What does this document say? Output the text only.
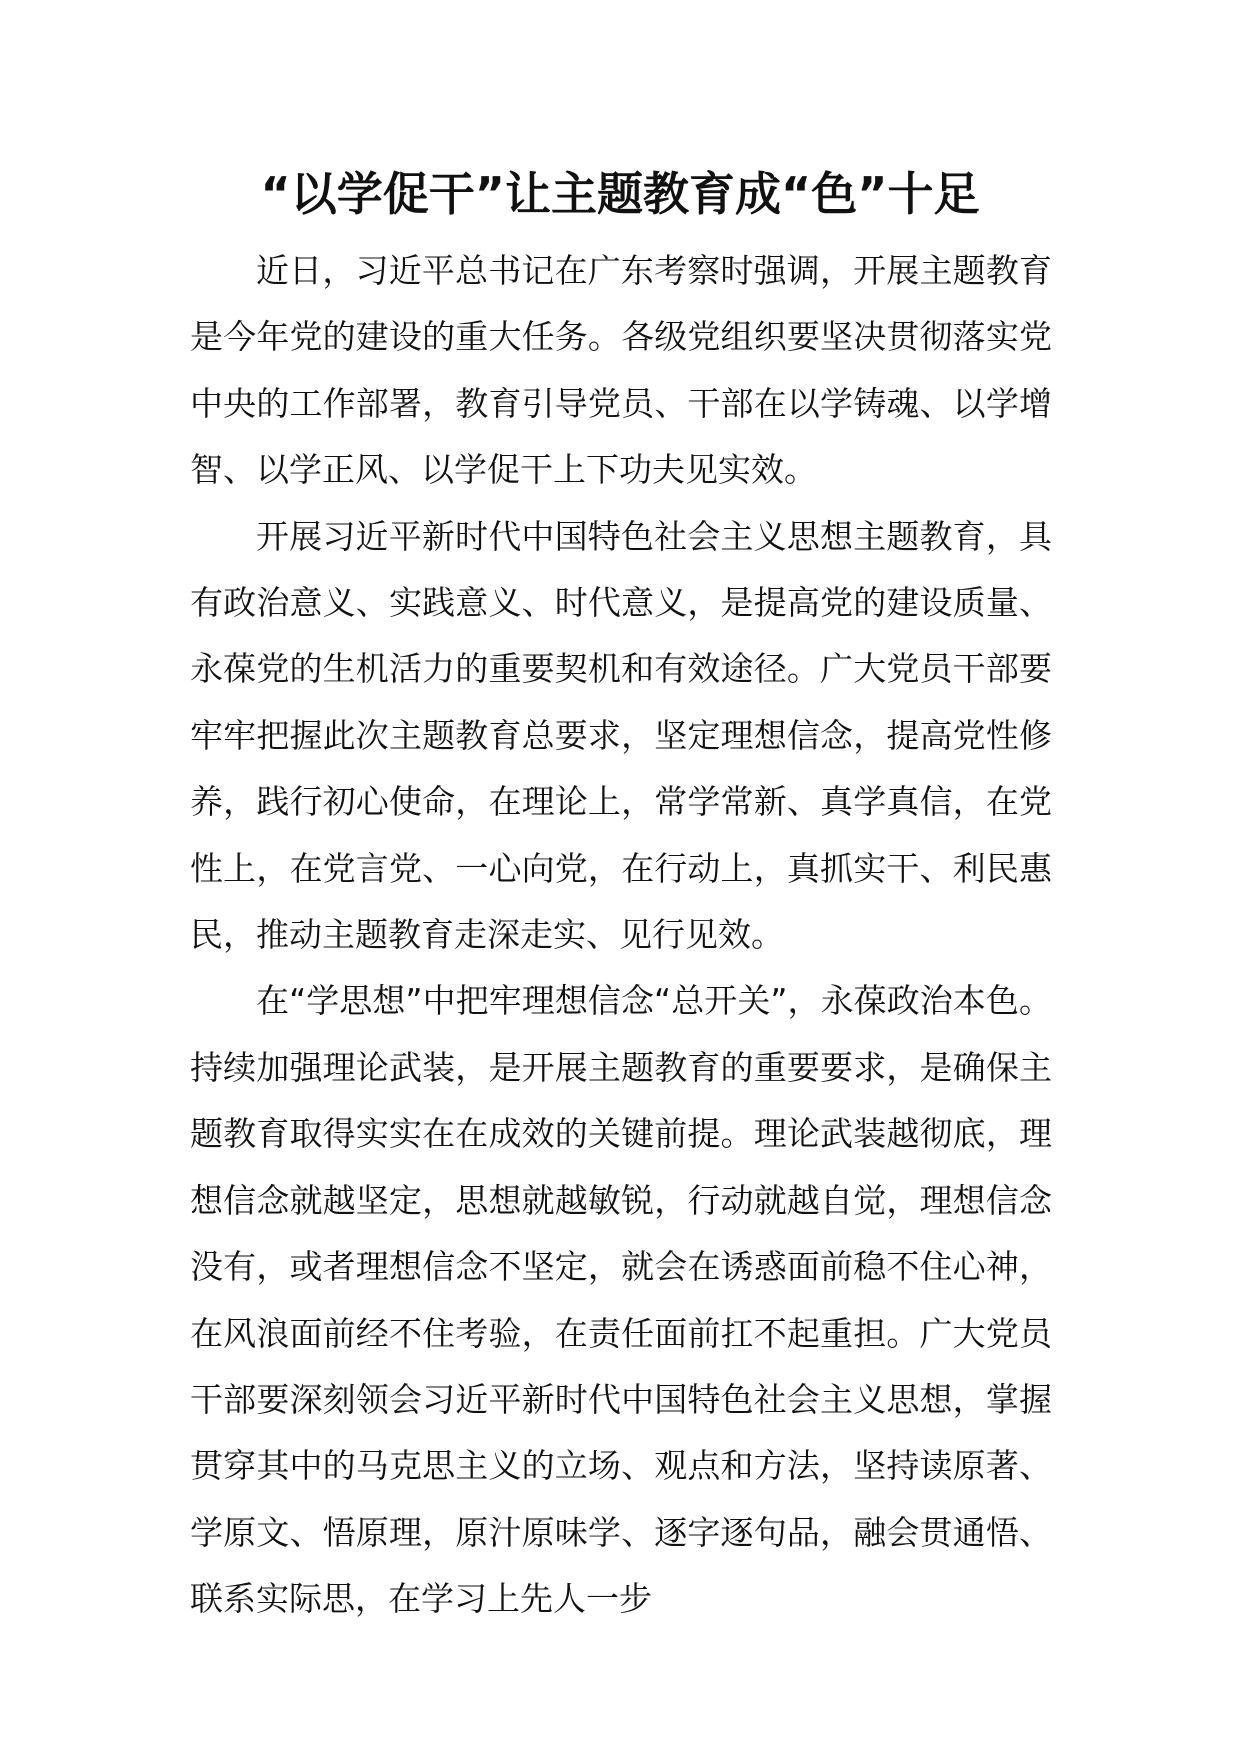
“以学促干”让主题教育成“色”十足

近日，习近平总书记在广东考察时强调，开展主题教育是今年党的建设的重大任务。各级党组织要坚决贯彻落实党中央的工作部署，教育引导党员、干部在以学铸魂、以学增智、以学正风、以学促干上下功夫见实效。

开展习近平新时代中国特色社会主义思想主题教育，具有政治意义、实践意义、时代意义，是提高党的建设质量、永葆党的生机活力的重要契机和有效途径。广大党员干部要牢牢把握此次主题教育总要求，坚定理想信念，提高党性修养，践行初心使命，在理论上，常学常新、真学真信，在党性上，在党言党、一心向党，在行动上，真抓实干、利民惠民，推动主题教育走深走实、见行见效。

在“学思想”中把牢理想信念“总开关”，永葆政治本色。持续加强理论武装，是开展主题教育的重要要求，是确保主题教育取得实实在在成效的关键前提。理论武装越彻底，理想信念就越坚定，思想就越敏锐，行动就越自觉，理想信念没有，或者理想信念不坚定，就会在诱惑面前稳不住心神，在风浪面前经不住考验，在责任面前扛不起重担。广大党员干部要深刻领会习近平新时代中国特色社会主义思想，掌握贯穿其中的马克思主义的立场、观点和方法，坚持读原著、学原文、悟原理，原汁原味学、逐字逐句品，融会贯通悟、联系实际思，在学习上先人一步
